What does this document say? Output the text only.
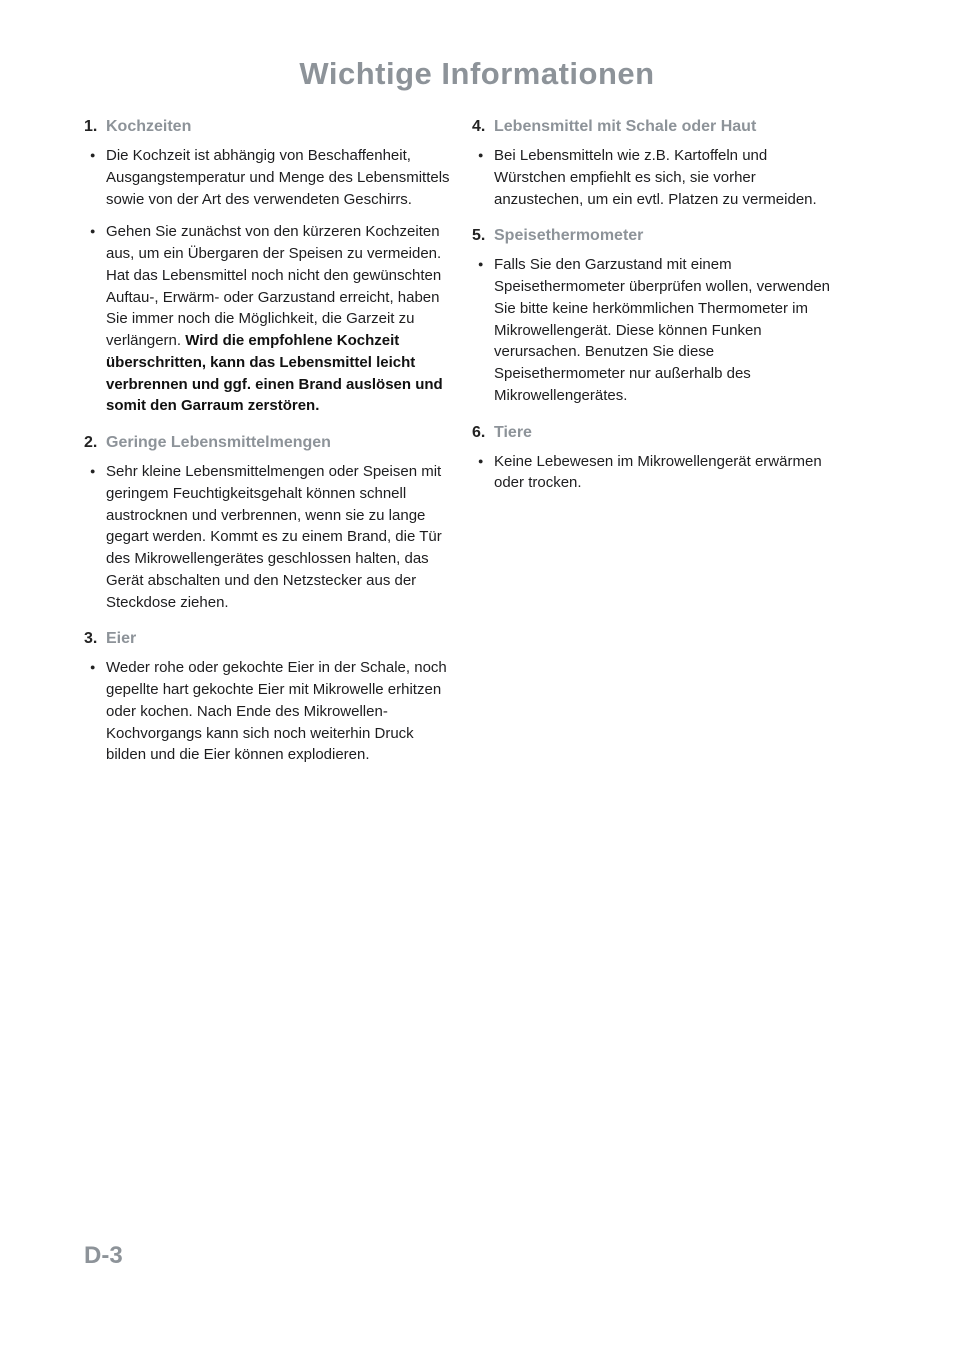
Wichtige Informationen
1. Kochzeiten
● Die Kochzeit ist abhängig von Beschaffenheit, Ausgangstemperatur und Menge des Lebensmittels sowie von der Art des verwendeten Geschirrs.

● Gehen Sie zunächst von den kürzeren Kochzeiten aus, um ein Übergaren der Speisen zu vermeiden. Hat das Lebensmittel noch nicht den gewünschten Auftau-, Erwärm- oder Garzustand erreicht, haben Sie immer noch die Möglichkeit, die Garzeit zu verlängern. Wird die empfohlene Kochzeit überschritten, kann das Lebensmittel leicht verbrennen und ggf. einen Brand auslösen und somit den Garraum zerstören.

2. Geringe Lebensmittelmengen
● Sehr kleine Lebensmittelmengen oder Speisen mit geringem Feuchtigkeitsgehalt können schnell austrocknen und verbrennen, wenn sie zu lange gegart werden. Kommt es zu einem Brand, die Tür des Mikrowellengerätes geschlossen halten, das Gerät abschalten und den Netzstecker aus der Steckdose ziehen.

3. Eier
● Weder rohe oder gekochte Eier in der Schale, noch gepellte hart gekochte Eier mit Mikrowelle erhitzen oder kochen. Nach Ende des Mikrowellen-Kochvorgangs kann sich noch weiterhin Druck bilden und die Eier können explodieren.

4. Lebensmittel mit Schale oder Haut
● Bei Lebensmitteln wie z.B. Kartoffeln und Würstchen empfiehlt es sich, sie vorher anzustechen, um ein evtl. Platzen zu vermeiden.

5. Speisethermometer
● Falls Sie den Garzustand mit einem Speisethermometer überprüfen wollen, verwenden Sie bitte keine herkömmlichen Thermometer im Mikrowellengerät. Diese können Funken verursachen. Benutzen Sie diese Speisethermometer nur außerhalb des Mikrowellengerätes.

6. Tiere
● Keine Lebewesen im Mikrowellengerät erwärmen oder trocken.

D-3
